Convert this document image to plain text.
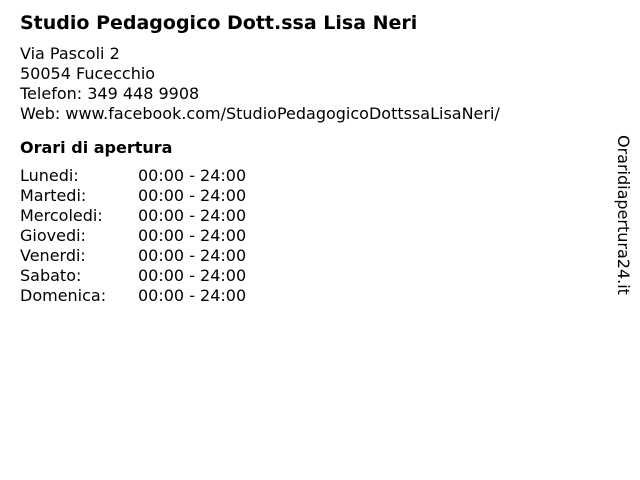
Studio Pedagogico Dott.ssa Lisa Neri
Via Pascoli 2
50054 Fucecchio
Telefon: 349 448 9908
Web: www.facebook.com/StudioPedagogicoDottssaLisaNeri/
Orari di apertura
Lunedi:	00:00 - 24:00
Martedi:	00:00 - 24:00
Mercoledi:	00:00 - 24:00
Giovedi:	00:00 - 24:00
Venerdi:	00:00 - 24:00
Sabato:	00:00 - 24:00
Domenica:	00:00 - 24:00
Oraridiapertura24.it
